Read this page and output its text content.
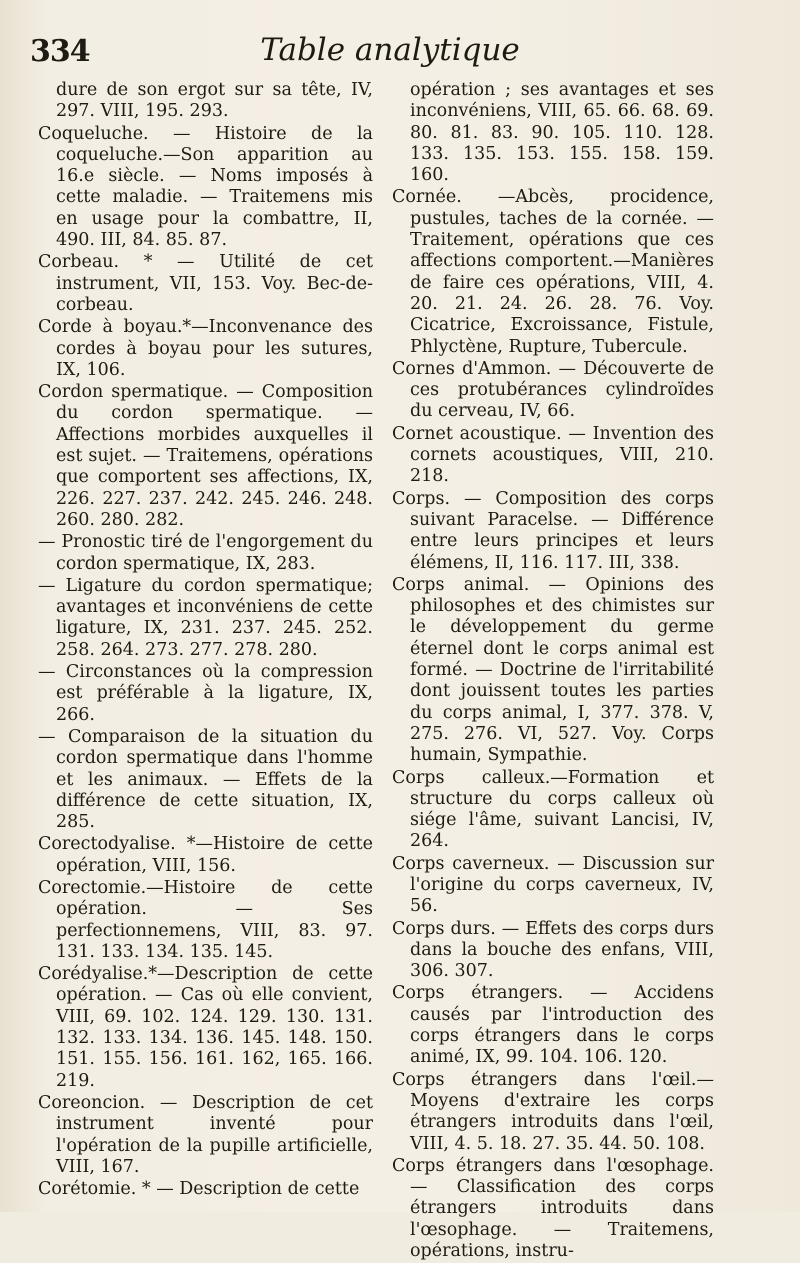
334	Table analytique

dure de son ergot sur sa tête, IV, 297. VIII, 195. 293.

Coqueluche. — Histoire de la coqueluche.—Son apparition au 16.e siècle. — Noms imposés à cette maladie. — Traitemens mis en usage pour la combattre, II, 490. III, 84. 85. 87.

Corbeau. * — Utilité de cet instrument, VII, 153. Voy. Bec-de-corbeau.

Corde à boyau.*—Inconvenance des cordes à boyau pour les sutures, IX, 106.

Cordon spermatique. — Composition du cordon spermatique. — Affections morbides auxquelles il est sujet. — Traitemens, opérations que comportent ses affections, IX, 226. 227. 237. 242. 245. 246. 248. 260. 280. 282.

— Pronostic tiré de l'engorgement du cordon spermatique, IX, 283.

— Ligature du cordon spermatique; avantages et inconvéniens de cette ligature, IX, 231. 237. 245. 252. 258. 264. 273. 277. 278. 280.

— Circonstances où la compression est préférable à la ligature, IX, 266.

— Comparaison de la situation du cordon spermatique dans l'homme et les animaux. — Effets de la différence de cette situation, IX, 285.

Corectodyalise. *—Histoire de cette opération, VIII, 156.

Corectomie.—Histoire de cette opération. — Ses perfectionnemens, VIII, 83. 97. 131. 133. 134. 135. 145.

Corédyalise.*—Description de cette opération. — Cas où elle convient, VIII, 69. 102. 124. 129. 130. 131. 132. 133. 134. 136. 145. 148. 150. 151. 155. 156. 161. 162, 165. 166. 219.

Coreoncion. — Description de cet instrument inventé pour l'opération de la pupille artificielle, VIII, 167.

Corétomie. * — Description de cette

opération ; ses avantages et ses inconvéniens, VIII, 65. 66. 68. 69. 80. 81. 83. 90. 105. 110. 128. 133. 135. 153. 155. 158. 159. 160.

Cornée. —Abcès, procidence, pustules, taches de la cornée. — Traitement, opérations que ces affections comportent.—Manières de faire ces opérations, VIII, 4. 20. 21. 24. 26. 28. 76. Voy. Cicatrice, Excroissance, Fistule, Phlyctène, Rupture, Tubercule.

Cornes d'Ammon. — Découverte de ces protubérances cylindroïdes du cerveau, IV, 66.

Cornet acoustique. — Invention des cornets acoustiques, VIII, 210. 218.

Corps. — Composition des corps suivant Paracelse. — Différence entre leurs principes et leurs élémens, II, 116. 117. III, 338.

Corps animal. — Opinions des philosophes et des chimistes sur le développement du germe éternel dont le corps animal est formé. — Doctrine de l'irritabilité dont jouissent toutes les parties du corps animal, I, 377. 378. V, 275. 276. VI, 527. Voy. Corps humain, Sympathie.

Corps calleux.—Formation et structure du corps calleux où siége l'âme, suivant Lancisi, IV, 264.

Corps caverneux. — Discussion sur l'origine du corps caverneux, IV, 56.

Corps durs. — Effets des corps durs dans la bouche des enfans, VIII, 306. 307.

Corps étrangers. — Accidens causés par l'introduction des corps étrangers dans le corps animé, IX, 99. 104. 106. 120.

Corps étrangers dans l'œil.—Moyens d'extraire les corps étrangers introduits dans l'œil, VIII, 4. 5. 18. 27. 35. 44. 50. 108.

Corps étrangers dans l'œsophage.— Classification des corps étrangers introduits dans l'œsophage. — Traitemens, opérations, instru-
